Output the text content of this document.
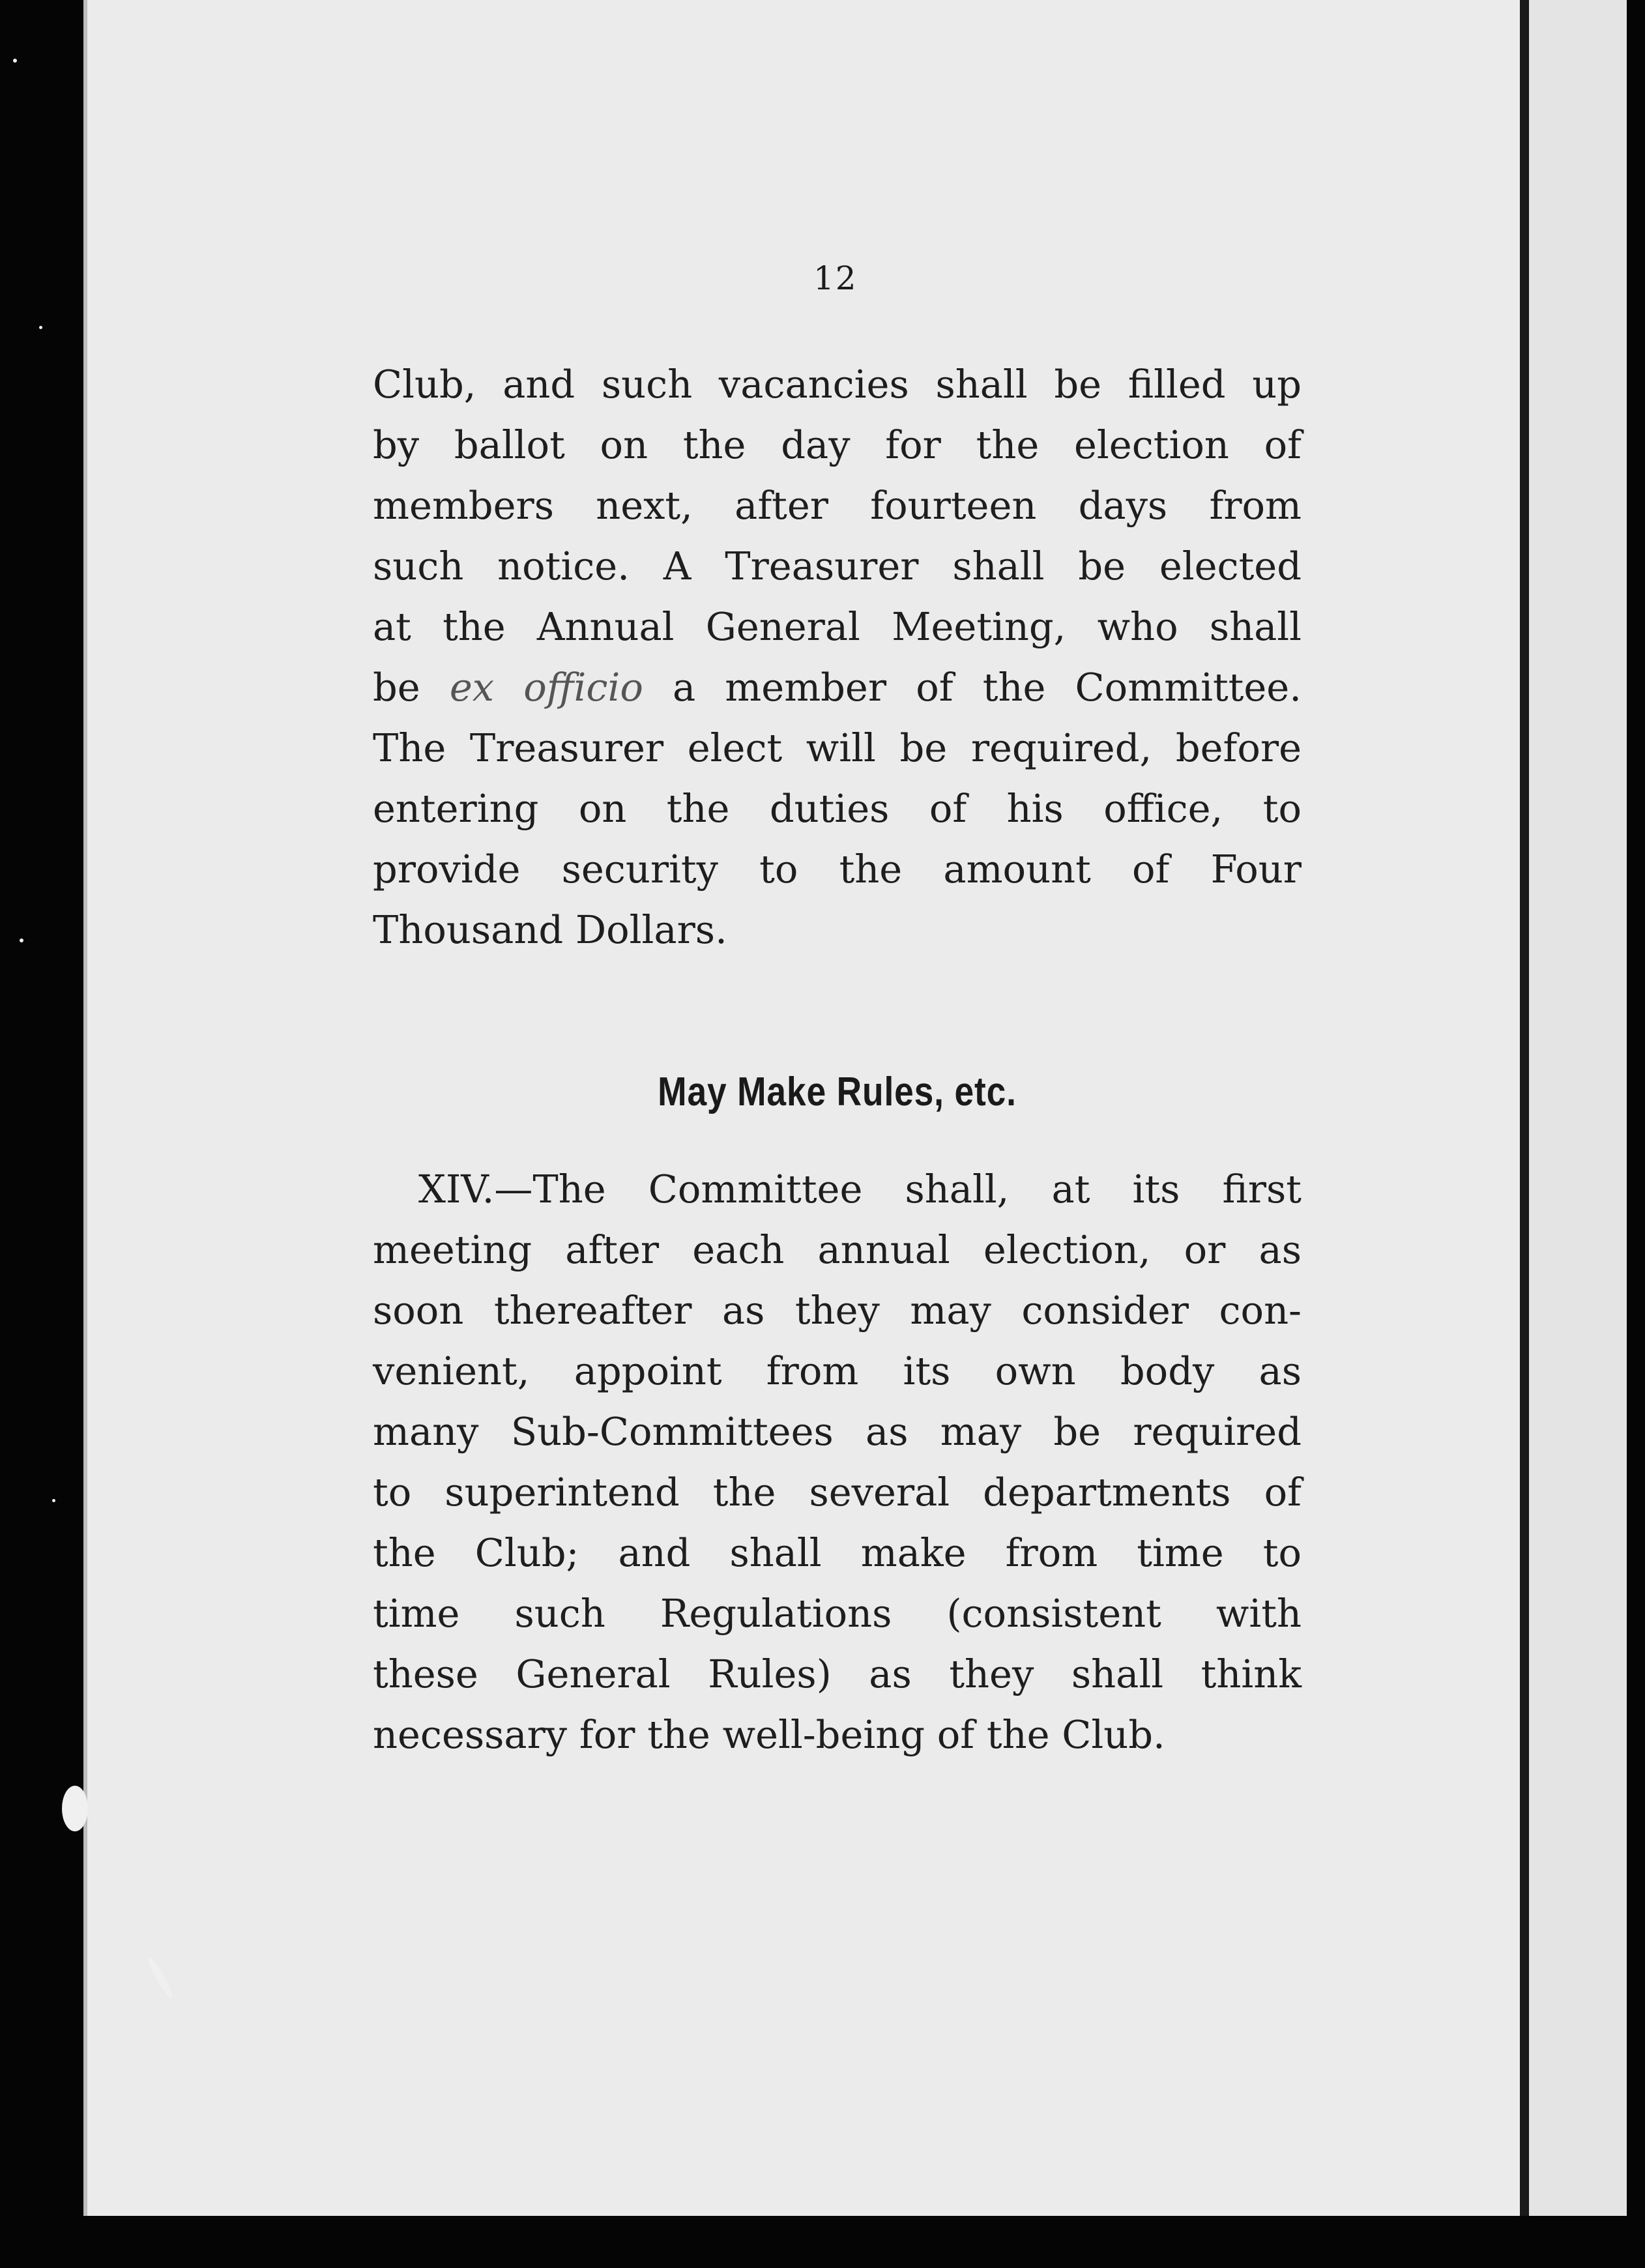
12
Club, and such vacancies shall be filled up
by ballot on the day for the election of
members next, after fourteen days from
such notice. A Treasurer shall be elected
at the Annual General Meeting, who shall
be ex officio a member of the Committee.
The Treasurer elect will be required, before
entering on the duties of his office, to
provide security to the amount of Four
Thousand Dollars.
May Make Rules, etc.
XIV.—The Committee shall, at its first
meeting after each annual election, or as
soon thereafter as they may consider con-
venient, appoint from its own body as
many Sub-Committees as may be required
to superintend the several departments of
the Club; and shall make from time to
time such Regulations (consistent with
these General Rules) as they shall think
necessary for the well-being of the Club.
